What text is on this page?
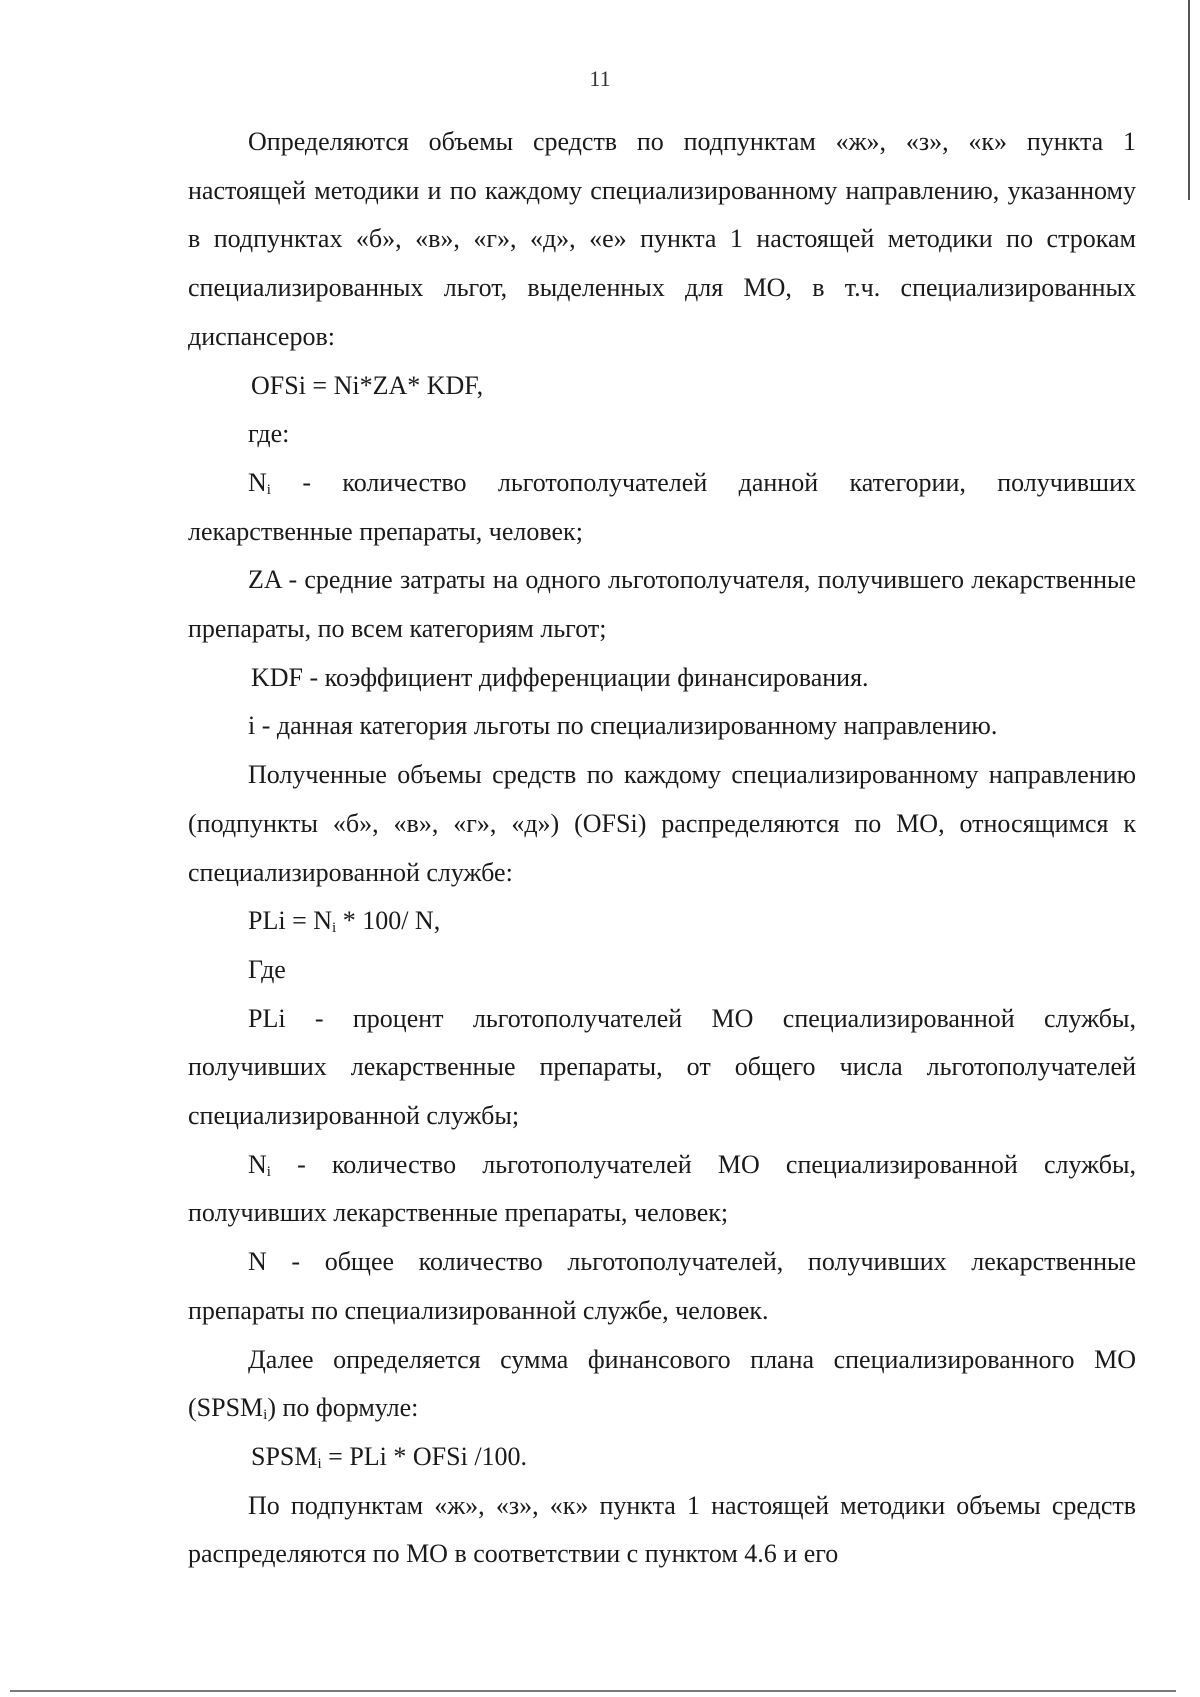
11

Определяются объемы средств по подпунктам «ж», «з», «к» пункта 1 настоящей методики и по каждому специализированному направлению, указанному в подпунктах «б», «в», «г», «д», «е» пункта 1 настоящей методики по строкам специализированных льгот, выделенных для МО, в т.ч. специализированных диспансеров:

OFSi = Ni*ZA* KDF,

где:

$N_i$ - количество льготополучателей данной категории, получивших лекарственные препараты, человек;

ZA - средние затраты на одного льготополучателя, получившего лекарственные препараты, по всем категориям льгот;

KDF - коэффициент дифференциации финансирования.

i - данная категория льготы по специализированному направлению.

Полученные объемы средств по каждому специализированному направлению (подпункты «б», «в», «г», «д») (OFSi) распределяются по МО, относящимся к специализированной службе:

PLi = $N_i * 100/$ N,

Где

PLi - процент льготополучателей МО специализированной службы, получивших лекарственные препараты, от общего числа льготополучателей специализированной службы;

$N_i$ - количество льготополучателей МО специализированной службы, получивших лекарственные препараты, человек;

N - общее количество льготополучателей, получивших лекарственные препараты по специализированной службе, человек.

Далее определяется сумма финансового плана специализированного МО $(SPSM_i)$ по формуле:

$SPSM_i$ = PLi * OFSi /100.

По подпунктам «ж», «з», «к» пункта 1 настоящей методики объемы средств распределяются по МО в соответствии с пунктом 4.6 и его
